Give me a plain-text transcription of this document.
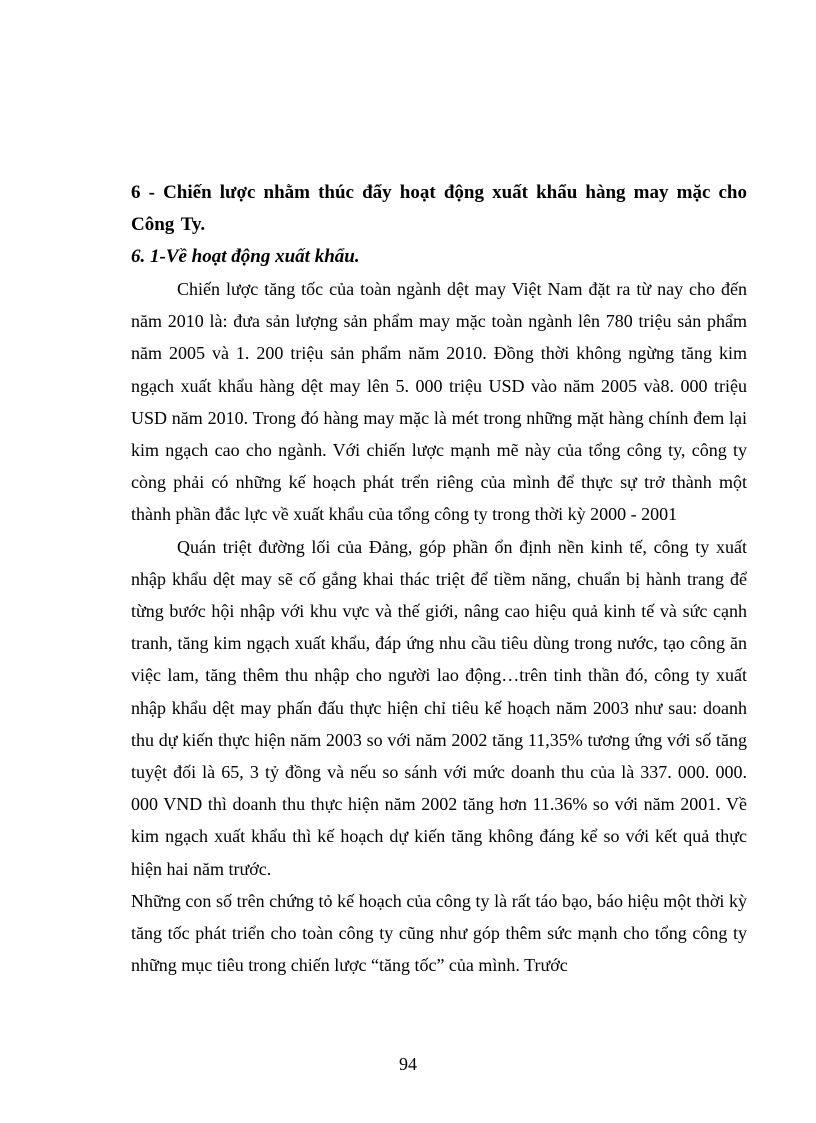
6 - Chiến lược nhằm thúc đẩy hoạt động xuất khẩu hàng may mặc cho Công Ty.

6. 1-Về hoạt động xuất khẩu.

Chiến lược tăng tốc của toàn ngành dệt may Việt Nam đặt ra từ nay cho đến năm 2010 là: đưa sản lượng sản phẩm may mặc toàn ngành lên 780 triệu sản phẩm năm 2005 và 1. 200 triệu sản phẩm năm 2010. Đồng thời không ngừng tăng kim ngạch xuất khẩu hàng dệt may lên 5. 000 triệu USD vào năm 2005 và8. 000 triệu USD năm 2010. Trong đó hàng may mặc là mét trong những mặt hàng chính đem lại kim ngạch cao cho ngành. Với chiến lược mạnh mẽ này của tổng công ty, công ty còng phải có những kế hoạch phát trển riêng của mình để thực sự trở thành một thành phần đắc lực về xuất khẩu của tổng công ty trong thời kỳ 2000 - 2001

Quán triệt đường lối của Đảng, góp phần ổn định nền kinh tế, công ty xuất nhập khẩu dệt may sẽ cố gắng khai thác triệt để tiềm năng, chuẩn bị hành trang để từng bước hội nhập với khu vực và thế giới, nâng cao hiệu quả kinh tế và sức cạnh tranh, tăng kim ngạch xuất khẩu, đáp ứng nhu cầu tiêu dùng trong nước, tạo công ăn việc lam, tăng thêm thu nhập cho người lao động…trên tinh thần đó, công ty xuất nhập khẩu dệt may phấn đấu thực hiện chỉ tiêu kế hoạch năm 2003 như sau: doanh thu dự kiến thực hiện năm 2003 so với năm 2002 tăng 11,35% tương ứng với số tăng tuyệt đối là 65, 3 tỷ đồng và nếu so sánh với mức doanh thu của là 337. 000. 000. 000 VND thì doanh thu thực hiện năm 2002 tăng hơn 11.36% so với năm 2001. Về kim ngạch xuất khẩu thì kế hoạch dự kiến tăng không đáng kể so với kết quả thực hiện hai năm trước.

Những con số trên chứng tỏ kế hoạch của công ty là rất táo bạo, báo hiệu một thời kỳ tăng tốc phát triển cho toàn công ty cũng như góp thêm sức mạnh cho tổng công ty những mục tiêu trong chiến lược “tăng tốc” của mình. Trước

94
